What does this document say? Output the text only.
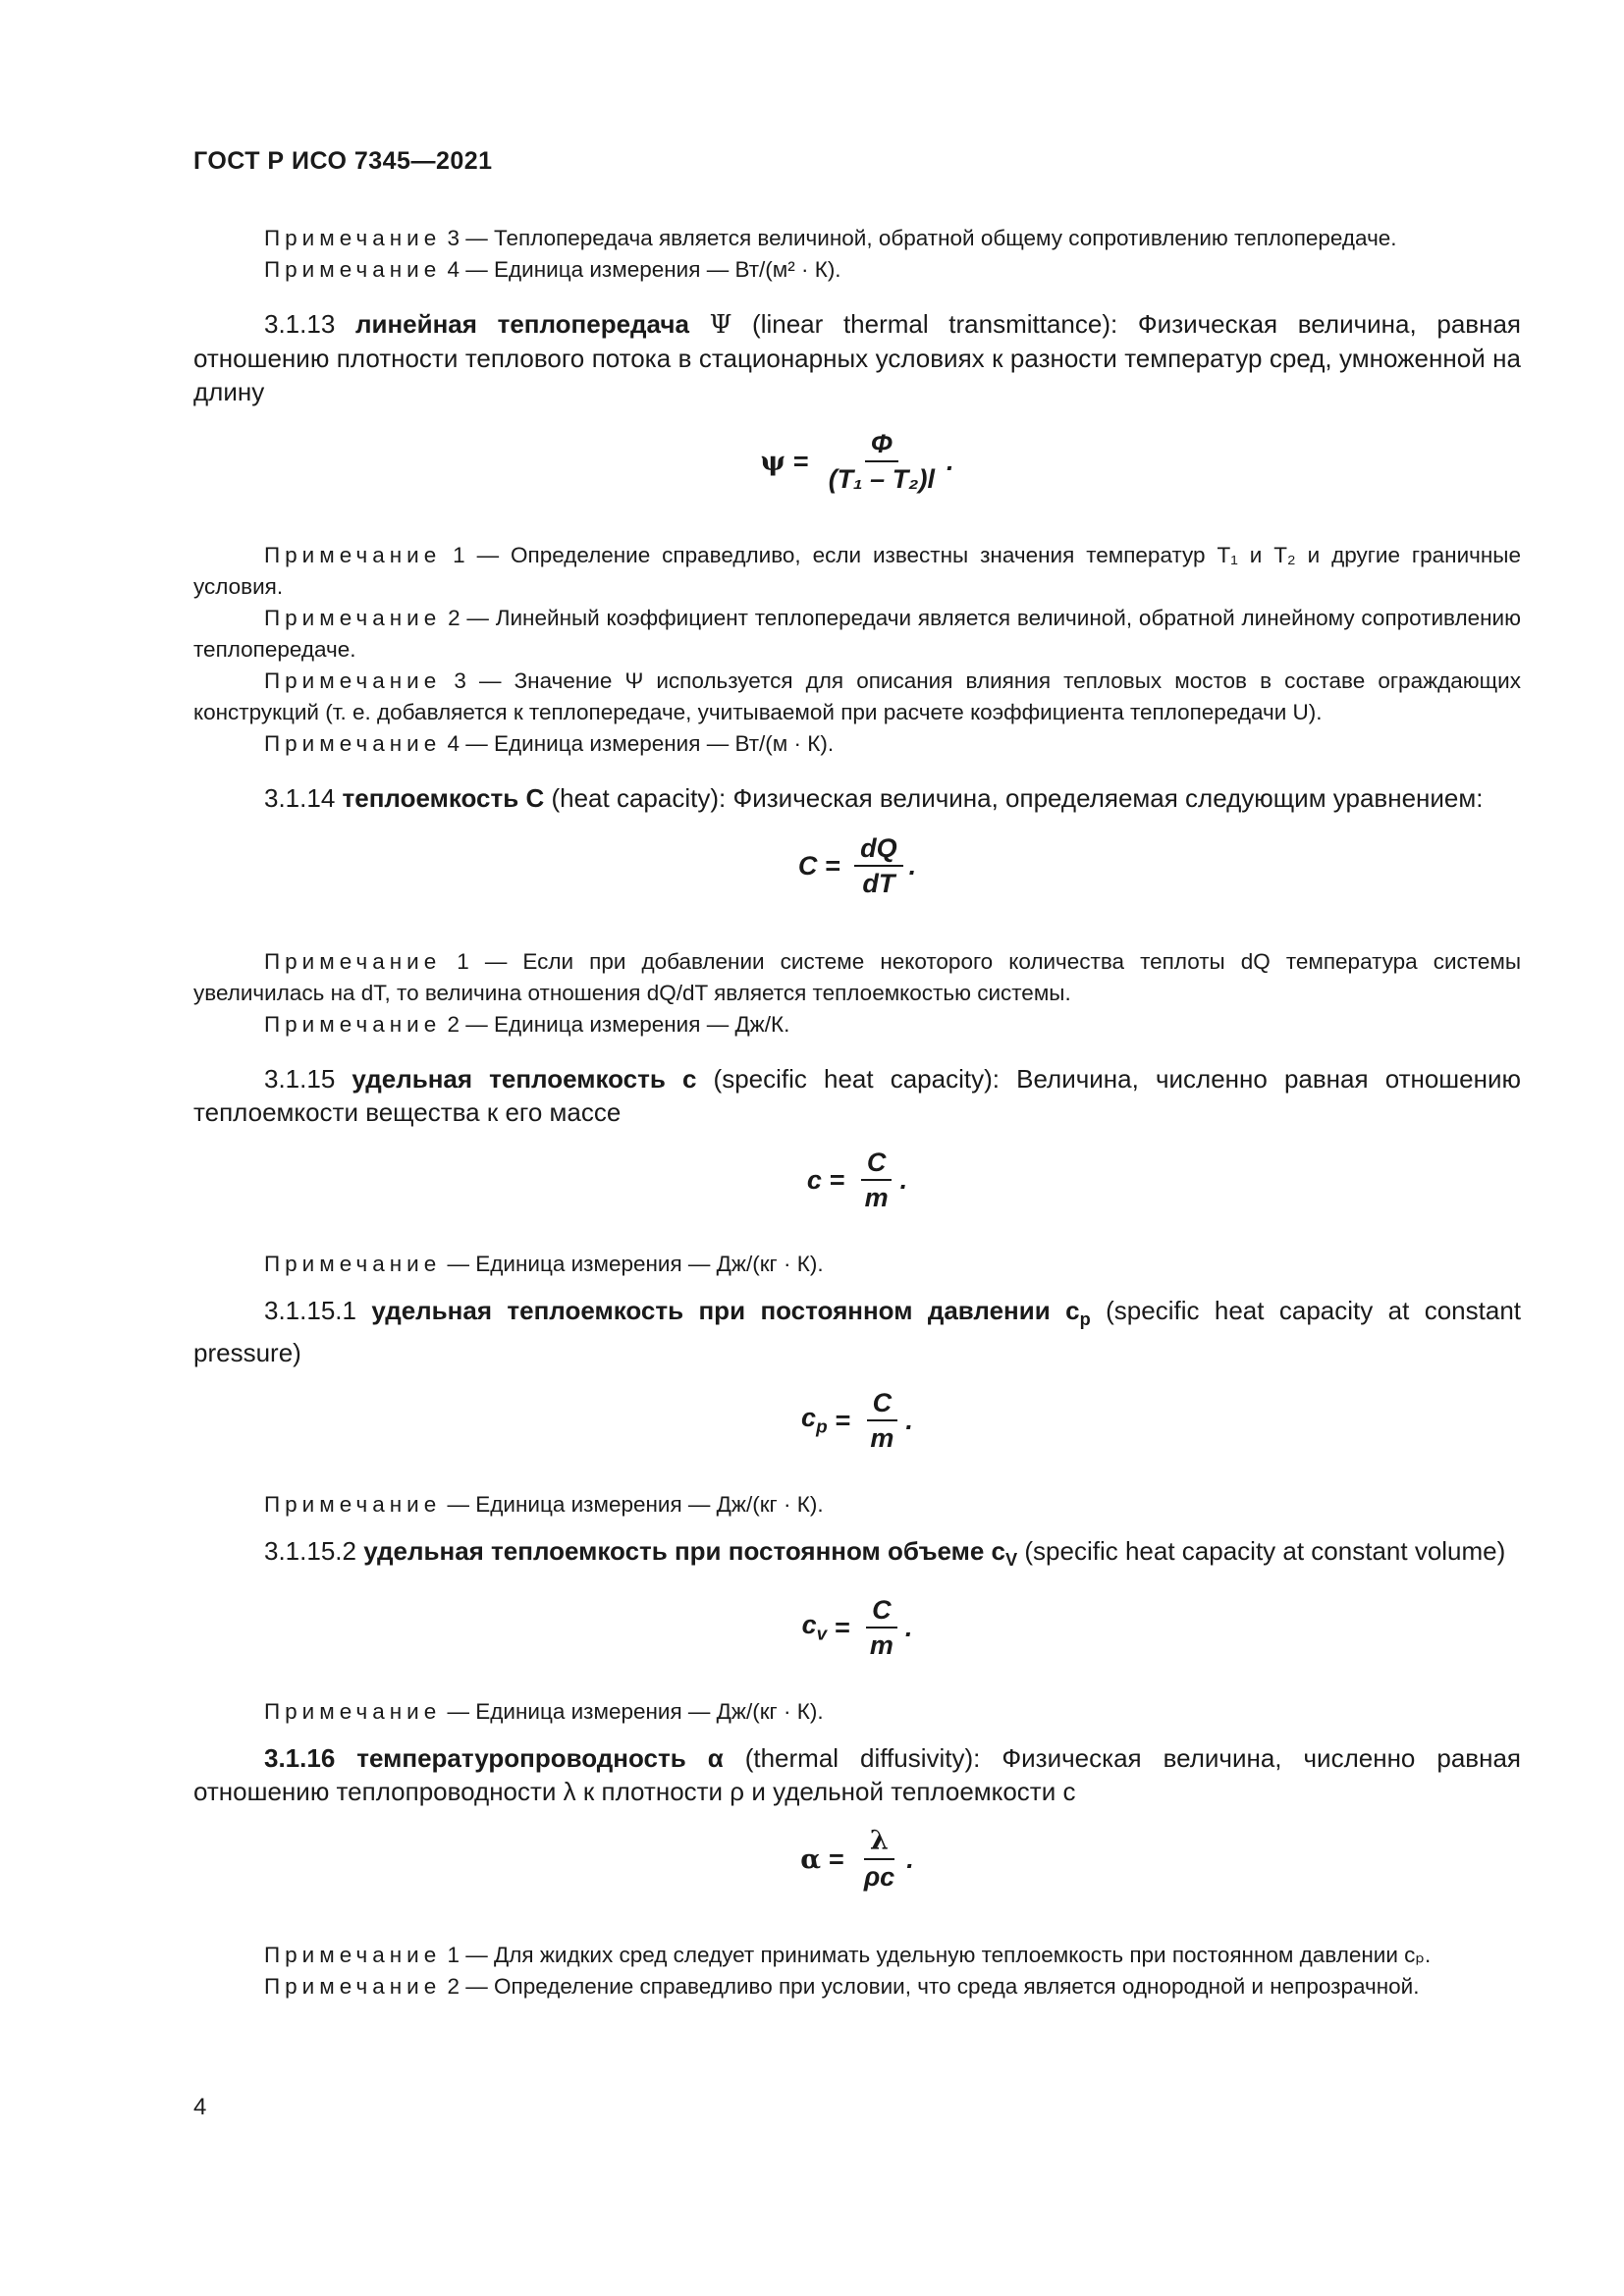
ГОСТ Р ИСО 7345—2021

Примечание 3 — Теплопередача является величиной, обратной общему сопротивлению теплопередаче.

Примечание 4 — Единица измерения — Вт/(м² · К).

3.1.13 линейная теплопередача Ψ (linear thermal transmittance): Физическая величина, равная отношению плотности теплового потока в стационарных условиях к разности температур сред, умноженной на длину

$\psi = \frac{\Phi}{\text{(T₁ – T₂)l}}$ .

Примечание 1 — Определение справедливо, если известны значения температур T₁ и T₂ и другие граничные условия.

Примечание 2 — Линейный коэффициент теплопередачи является величиной, обратной линейному сопротивлению теплопередаче.

Примечание 3 — Значение Ψ используется для описания влияния тепловых мостов в составе ограждающих конструкций (т. е. добавляется к теплопередаче, учитываемой при расчете коэффициента теплопередачи U).

Примечание 4 — Единица измерения — Вт/(м · К).

3.1.14 теплоемкость C (heat capacity): Физическая величина, определяемая следующим уравнением:

$C = \frac{dQ}{dT}$ .

Примечание 1 — Если при добавлении системе некоторого количества теплоты dQ температура системы увеличилась на dT, то величина отношения dQ/dT является теплоемкостью системы.

Примечание 2 — Единица измерения — Дж/К.

3.1.15 удельная теплоемкость c (specific heat capacity): Величина, численно равная отношению теплоемкости вещества к его массе

$c = \frac{C}{m}$ .

Примечание — Единица измерения — Дж/(кг · К).

3.1.15.1 удельная теплоемкость при постоянном давлении $c_p$ (specific heat capacity at constant pressure)

$c_p = \frac{C}{m}$ .

Примечание — Единица измерения — Дж/(кг · К).

3.1.15.2 удельная теплоемкость при постоянном объеме $c_V$ (specific heat capacity at constant volume)

$c_v = \frac{C}{m}$ .

Примечание — Единица измерения — Дж/(кг · К).

3.1.16 температуропроводность α (thermal diffusivity): Физическая величина, численно равная отношению теплопроводности λ к плотности ρ и удельной теплоемкости c

$\alpha = \frac{\lambda}{\rho c}$ .

Примечание 1 — Для жидких сред следует принимать удельную теплоемкость при постоянном давлении cₚ.

Примечание 2 — Определение справедливо при условии, что среда является однородной и непрозрачной.

4
